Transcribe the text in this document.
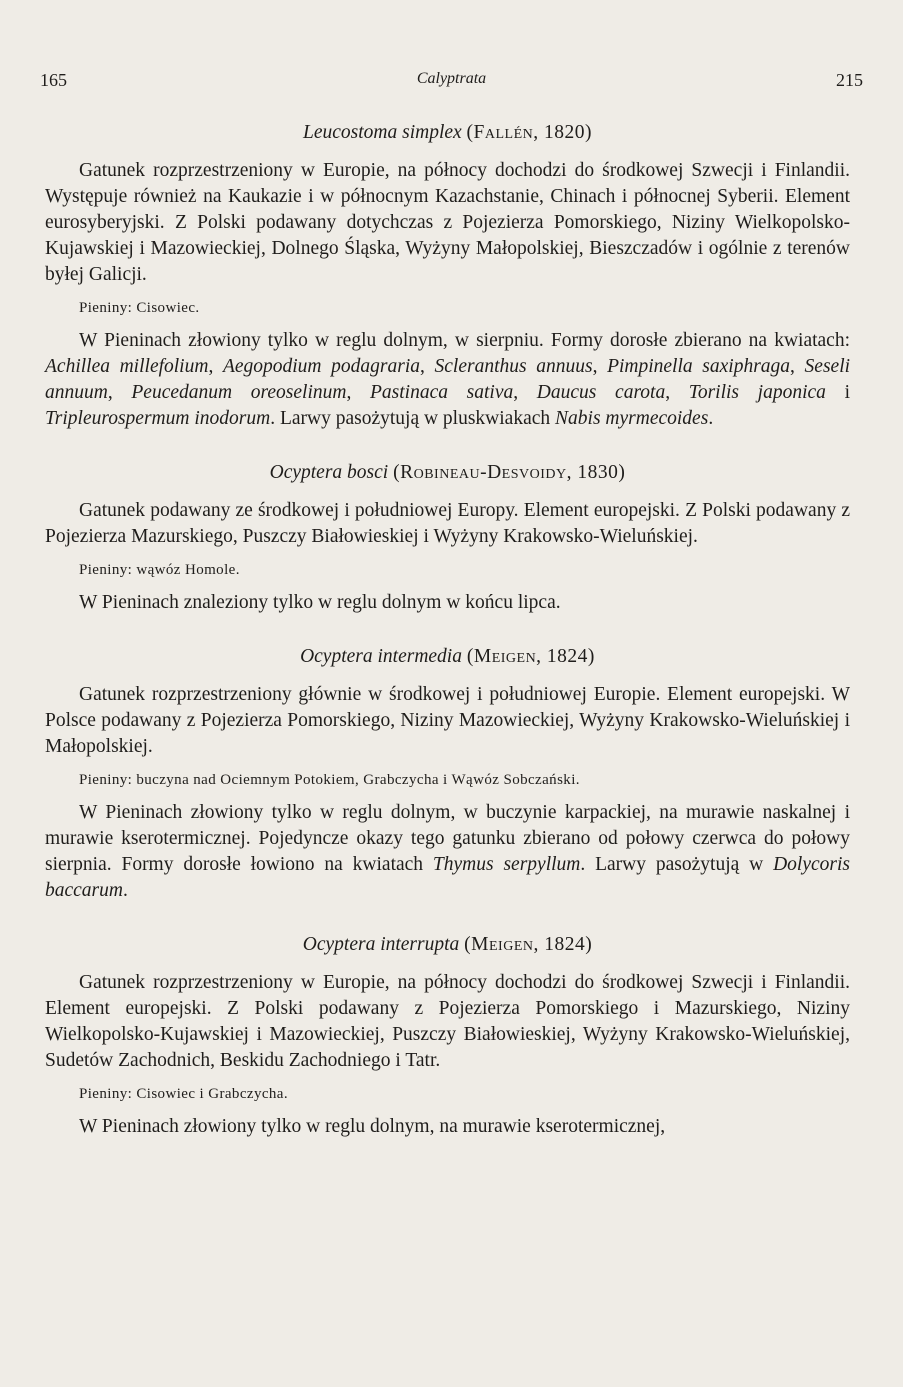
165	Calyptrata	215
Leucostoma simplex (Fallén, 1820)

Gatunek rozprzestrzeniony w Europie, na północy dochodzi do środkowej Szwecji i Finlandii. Występuje również na Kaukazie i w północnym Kazachstanie, Chinach i północnej Syberii. Element eurosyberyjski. Z Polski podawany dotychczas z Pojezierza Pomorskiego, Niziny Wielkopolsko-Kujawskiej i Mazowieckiej, Dolnego Śląska, Wyżyny Małopolskiej, Bieszczadów i ogólnie z terenów byłej Galicji.

Pieniny: Cisowiec.

W Pieninach złowiony tylko w reglu dolnym, w sierpniu. Formy dorosłe zbierano na kwiatach: Achillea millefolium, Aegopodium podagraria, Scleranthus annuus, Pimpinella saxiphraga, Seseli annuum, Peucedanum oreoselinum, Pastinaca sativa, Daucus carota, Torilis japonica i Tripleurospermum inodorum. Larwy pasożytują w pluskwiakach Nabis myrmecoides.

Ocyptera bosci (Robineau-Desvoidy, 1830)

Gatunek podawany ze środkowej i południowej Europy. Element europejski. Z Polski podawany z Pojezierza Mazurskiego, Puszczy Białowieskiej i Wyżyny Krakowsko-Wieluńskiej.

Pieniny: wąwóz Homole.

W Pieninach znaleziony tylko w reglu dolnym w końcu lipca.

Ocyptera intermedia (Meigen, 1824)

Gatunek rozprzestrzeniony głównie w środkowej i południowej Europie. Element europejski. W Polsce podawany z Pojezierza Pomorskiego, Niziny Mazowieckiej, Wyżyny Krakowsko-Wieluńskiej i Małopolskiej.

Pieniny: buczyna nad Ociemnym Potokiem, Grabczycha i Wąwóz Sobczański.

W Pieninach złowiony tylko w reglu dolnym, w buczynie karpackiej, na murawie naskalnej i murawie kserotermicznej. Pojedyncze okazy tego gatunku zbierano od połowy czerwca do połowy sierpnia. Formy dorosłe łowiono na kwiatach Thymus serpyllum. Larwy pasożytują w Dolycoris baccarum.

Ocyptera interrupta (Meigen, 1824)

Gatunek rozprzestrzeniony w Europie, na północy dochodzi do środkowej Szwecji i Finlandii. Element europejski. Z Polski podawany z Pojezierza Pomorskiego i Mazurskiego, Niziny Wielkopolsko-Kujawskiej i Mazowieckiej, Puszczy Białowieskiej, Wyżyny Krakowsko-Wieluńskiej, Sudetów Zachodnich, Beskidu Zachodniego i Tatr.

Pieniny: Cisowiec i Grabczycha.

W Pieninach złowiony tylko w reglu dolnym, na murawie kserotermicznej,
